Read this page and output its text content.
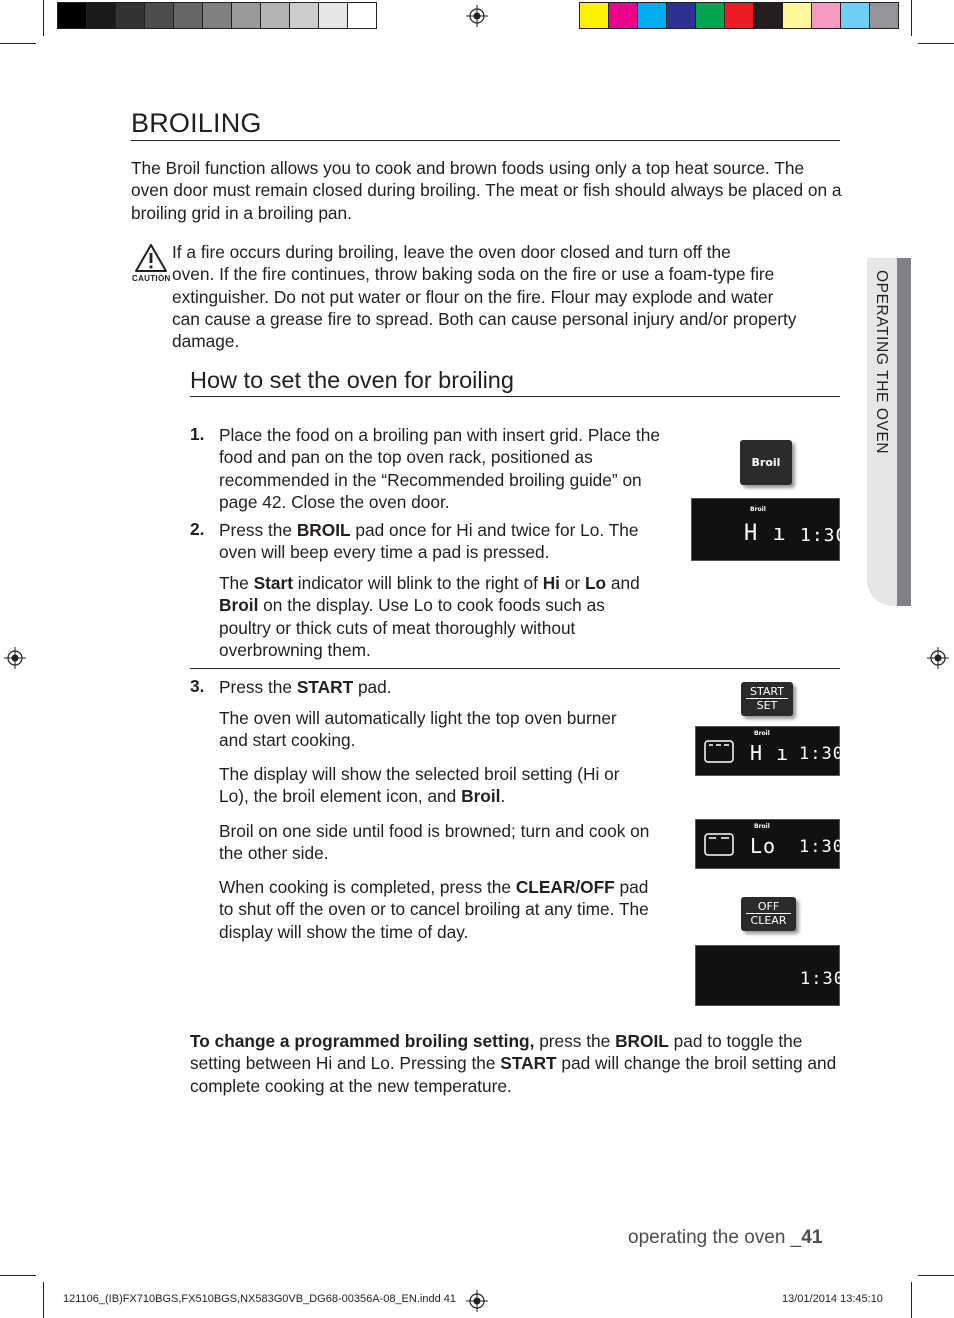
OPERATING THE OVEN
BROILING

The Broil function allows you to cook and brown foods using only a top heat source. The oven door must remain closed during broiling. The meat or fish should always be placed on a broiling grid in a broiling pan.

CAUTION
If a fire occurs during broiling, leave the oven door closed and turn off the
oven. If the fire continues, throw baking soda on the fire or use a foam-type fire
extinguisher. Do not put water or flour on the fire. Flour may explode and water
can cause a grease fire to spread. Both can cause personal injury and/or property
damage.
How to set the oven for broiling
1. Place the food on a broiling pan with insert grid. Place the food and pan on the top oven rack, positioned as recommended in the “Recommended broiling guide” on page 42. Close the oven door.

2. Press the BROIL pad once for Hi and twice for Lo. The oven will beep every time a pad is pressed.

The Start indicator will blink to the right of Hi or Lo and Broil on the display. Use Lo to cook foods such as poultry or thick cuts of meat thoroughly without overbrowning them.

3. Press the START pad.

The oven will automatically light the top oven burner and start cooking.

The display will show the selected broil setting (Hi or Lo), the broil element icon, and Broil.

Broil on one side until food is browned; turn and cook on the other side.

When cooking is completed, press the CLEAR/OFF pad to shut off the oven or to cancel broiling at any time. The display will show the time of day.

To change a programmed broiling setting, press the BROIL pad to toggle the setting between Hi and Lo. Pressing the START pad will change the broil setting and complete cooking at the new temperature.

Broil
Broil
H ı 1:30
START
SET
Broil
H ı 1:30
Broil
Lo 1:30
OFF
CLEAR
1:30
operating the oven _41
121106_(IB)FX710BGS,FX510BGS,NX583G0VB_DG68-00356A-08_EN.indd 41	13/01/2014 13:45:10
